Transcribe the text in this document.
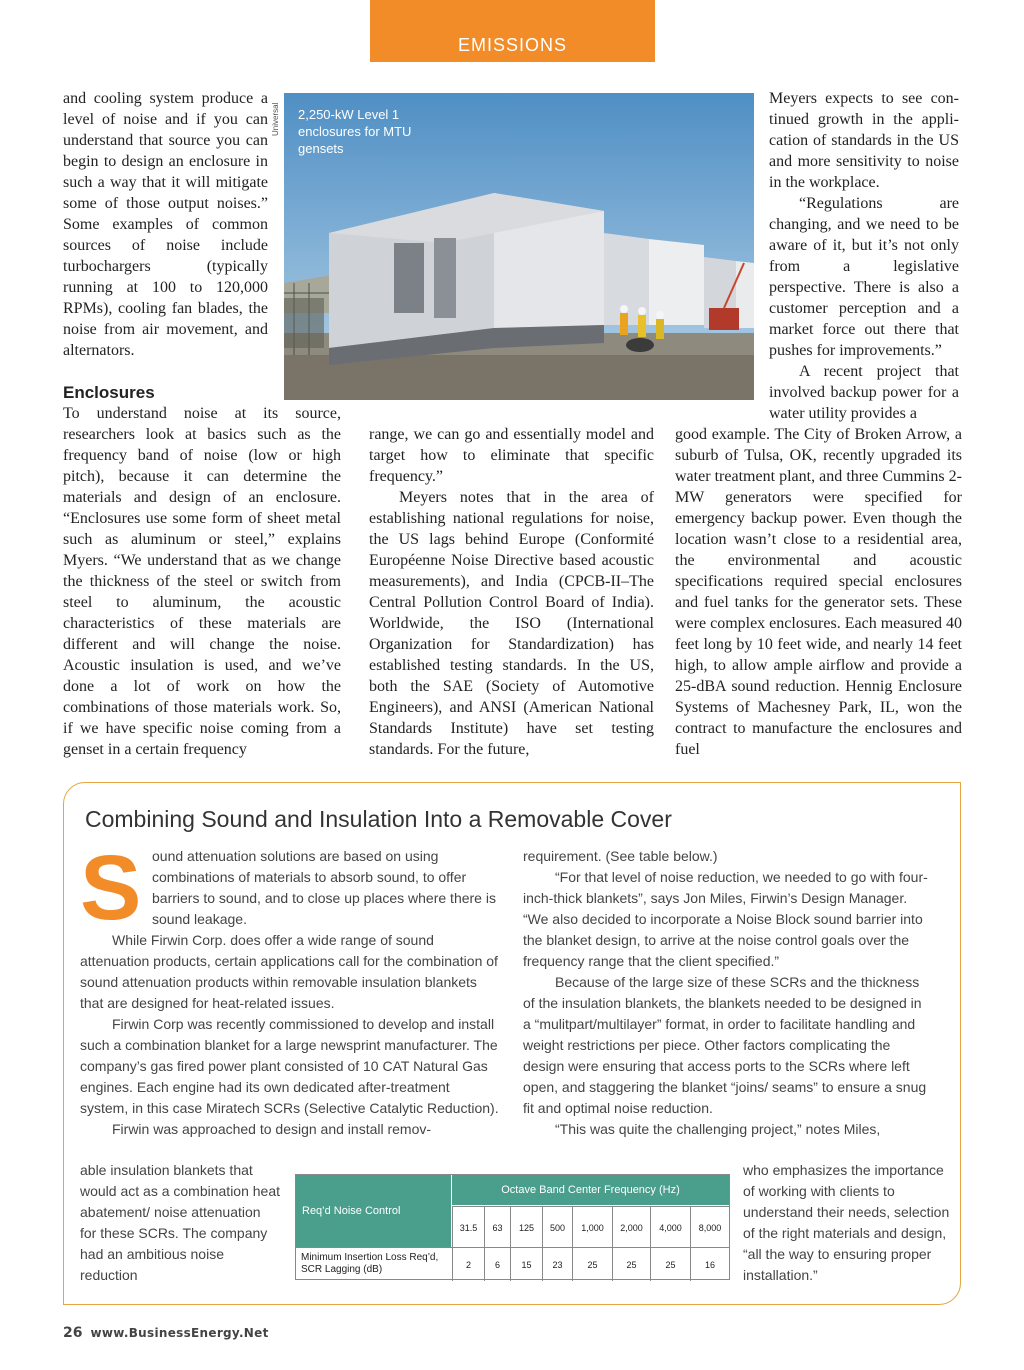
EMISSIONS

and cooling system produce a level of noise and if you can understand that source you can begin to design an enclosure in such a way that it will mitigate some of those output noises.” Some examples of common sources of noise include turbochargers (typically running at 100 to 120,000 RPMs), cooling fan blades, the noise from air movement, and alternators.

Enclosures

To understand noise at its source, researchers look at basics such as the frequency band of noise (low or high pitch), because it can determine the materials and design of an enclosure. “Enclosures use some form of sheet metal such as aluminum or steel,” explains Myers. “We understand that as we change the thickness of the steel or switch from steel to aluminum, the acoustic characteristics of these materials are different and will change the noise. Acoustic insulation is used, and we’ve done a lot of work on how the combinations of those materials work. So, if we have specific noise coming from a genset in a certain frequency

Universal 2,250-kW Level 1 enclosures for MTU gensets

range, we can go and essentially model and target how to eliminate that specific frequency.”

Meyers notes that in the area of establishing national regulations for noise, the US lags behind Europe (Conformité Européenne Noise Directive based acoustic measurements), and India (CPCB-II–The Central Pollution Control Board of India). Worldwide, the ISO (International Organization for Standardization) has established testing standards. In the US, both the SAE (Society of Automotive Engineers), and ANSI (American National Standards Institute) have set testing standards. For the future,

Meyers expects to see continued growth in the application of standards in the US and more sensitivity to noise in the workplace.

“Regulations are changing, and we need to be aware of it, but it’s not only from a legislative perspective. There is also a customer perception and a market force out there that pushes for improvements.”

A recent project that involved backup power for a water utility provides a

good example. The City of Broken Arrow, a suburb of Tulsa, OK, recently upgraded its water treatment plant, and three Cummins 2-MW generators were specified for emergency backup power. Even though the location wasn’t close to a residential area, the environmental and acoustic specifications required special enclosures and fuel tanks for the generator sets. These were complex enclosures. Each measured 40 feet long by 10 feet wide, and nearly 14 feet high, to allow ample airflow and provide a 25-dBA sound reduction. Hennig Enclosure Systems of Machesney Park, IL, won the contract to manufacture the enclosures and fuel

Combining Sound and Insulation Into a Removable Cover
S ound attenuation solutions are based on using combinations of materials to absorb sound, to offer barriers to sound, and to close up places where there is sound leakage.

While Firwin Corp. does offer a wide range of sound attenuation products, certain applications call for the combination of sound attenuation products within removable insulation blankets that are designed for heat-related issues.

Firwin Corp was recently commissioned to develop and install such a combination blanket for a large newsprint manufacturer. The company’s gas fired power plant consisted of 10 CAT Natural Gas engines. Each engine had its own dedicated after-treatment system, in this case Miratech SCRs (Selective Catalytic Reduction).

Firwin was approached to design and install remov-

able insulation blankets that would act as a combination heat abatement/ noise attenuation for these SCRs. The company had an ambitious noise reduction

requirement. (See table below.)

“For that level of noise reduction, we needed to go with four-inch-thick blankets”, says Jon Miles, Firwin’s Design Manager. “We also decided to incorporate a Noise Block sound barrier into the blanket design, to arrive at the noise control goals over the frequency range that the client specified.”

Because of the large size of these SCRs and the thickness of the insulation blankets, the blankets needed to be designed in a “mulitpart/multilayer” format, in order to facilitate handling and weight restrictions per piece. Other factors complicating the design were ensuring that access ports to the SCRs where left open, and staggering the blanket “joins/ seams” to ensure a snug fit and optimal noise reduction.

“This was quite the challenging project,” notes Miles,

who emphasizes the importance of working with clients to understand their needs, selection of the right materials and design, “all the way to ensuring proper installation.”

Req’d Noise Control
Octave Band Center Frequency (Hz)
31.5	63	125	500	1,000	2,000	4,000	8,000
Minimum Insertion Loss Req’d, SCR Lagging (dB)	2	6	15	23	25	25	25	16
26 www.BusinessEnergy.Net
